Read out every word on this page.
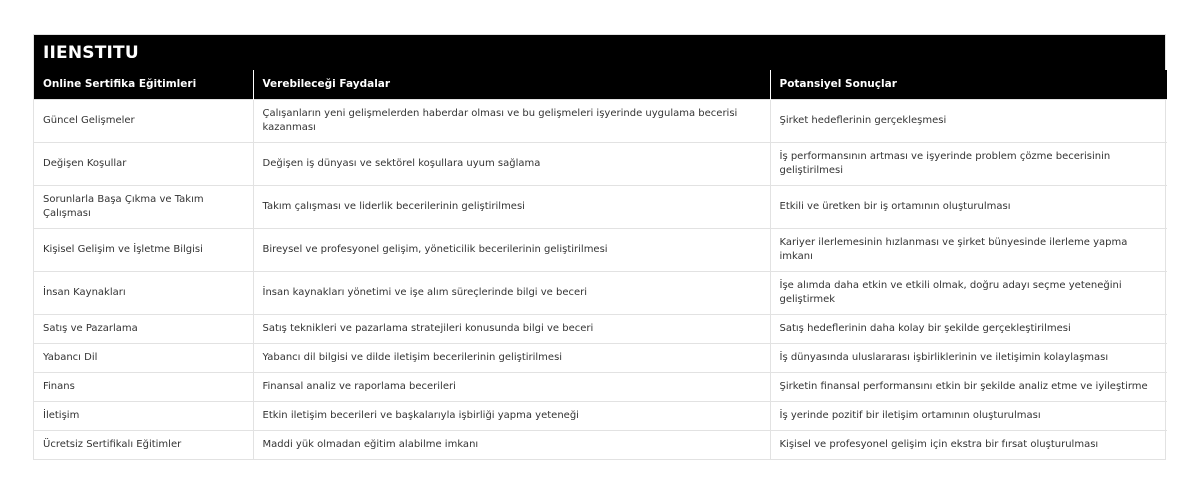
IIENSTITU
Online Sertifika Eğitimleri	Verebileceği Faydalar	Potansiyel Sonuçlar
Güncel Gelişmeler	Çalışanların yeni gelişmelerden haberdar olması ve bu gelişmeleri işyerinde uygulama becerisi kazanması	Şirket hedeflerinin gerçekleşmesi
Değişen Koşullar	Değişen iş dünyası ve sektörel koşullara uyum sağlama	İş performansının artması ve işyerinde problem çözme becerisinin geliştirilmesi
Sorunlarla Başa Çıkma ve Takım Çalışması	Takım çalışması ve liderlik becerilerinin geliştirilmesi	Etkili ve üretken bir iş ortamının oluşturulması
Kişisel Gelişim ve İşletme Bilgisi	Bireysel ve profesyonel gelişim, yöneticilik becerilerinin geliştirilmesi	Kariyer ilerlemesinin hızlanması ve şirket bünyesinde ilerleme yapma imkanı
İnsan Kaynakları	İnsan kaynakları yönetimi ve işe alım süreçlerinde bilgi ve beceri	İşe alımda daha etkin ve etkili olmak, doğru adayı seçme yeteneğini geliştirmek
Satış ve Pazarlama	Satış teknikleri ve pazarlama stratejileri konusunda bilgi ve beceri	Satış hedeflerinin daha kolay bir şekilde gerçekleştirilmesi
Yabancı Dil	Yabancı dil bilgisi ve dilde iletişim becerilerinin geliştirilmesi	İş dünyasında uluslararası işbirliklerinin ve iletişimin kolaylaşması
Finans	Finansal analiz ve raporlama becerileri	Şirketin finansal performansını etkin bir şekilde analiz etme ve iyileştirme
İletişim	Etkin iletişim becerileri ve başkalarıyla işbirliği yapma yeteneği	İş yerinde pozitif bir iletişim ortamının oluşturulması
Ücretsiz Sertifikalı Eğitimler	Maddi yük olmadan eğitim alabilme imkanı	Kişisel ve profesyonel gelişim için ekstra bir fırsat oluşturulması
